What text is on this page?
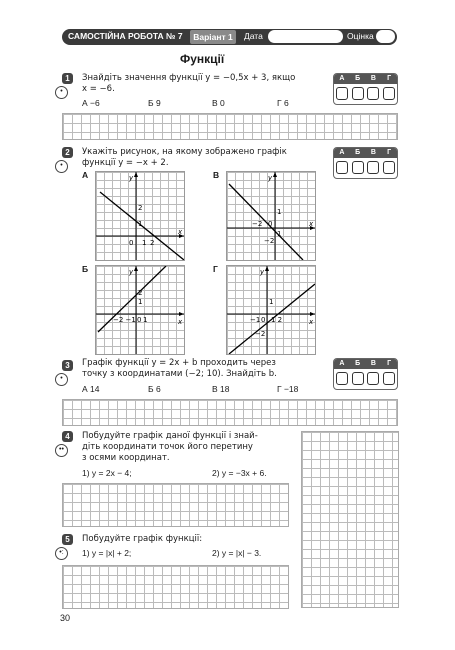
САМОСТІЙНА РОБОТА № 7	Варіант 1	Дата	Оцінка
Функції
1
•
Знайдіть значення функції y = −0,5x + 3, якщо
x = −6.
А	Б	В	Г
А −6	Б 9	В 0	Г 6
2
•
Укажіть рисунок, на якому зображено графік
функції y = −x + 2.
А	Б	В	Г
А	В
Б	Г
y
x
2
1
0 1 2
y
x
1
−2 0
1
−2
y
x
2
1
−2 −1 0 1
y
x
1
−1 0 1 2
−2
3
•
Графік функції y = 2x + b проходить через
точку з координатами (−2; 10). Знайдіть b.
А	Б	В	Г
А 14	Б 6	В 18	Г −18
4
••
Побудуйте графік даної функції і знай-
діть координати точок його перетину
з осями координат.
1) y = 2x − 4;	2) y = −3x + 6.
5
•:
Побудуйте графік функції:
1) y = |x| + 2;	2) y = |x| − 3.
30
